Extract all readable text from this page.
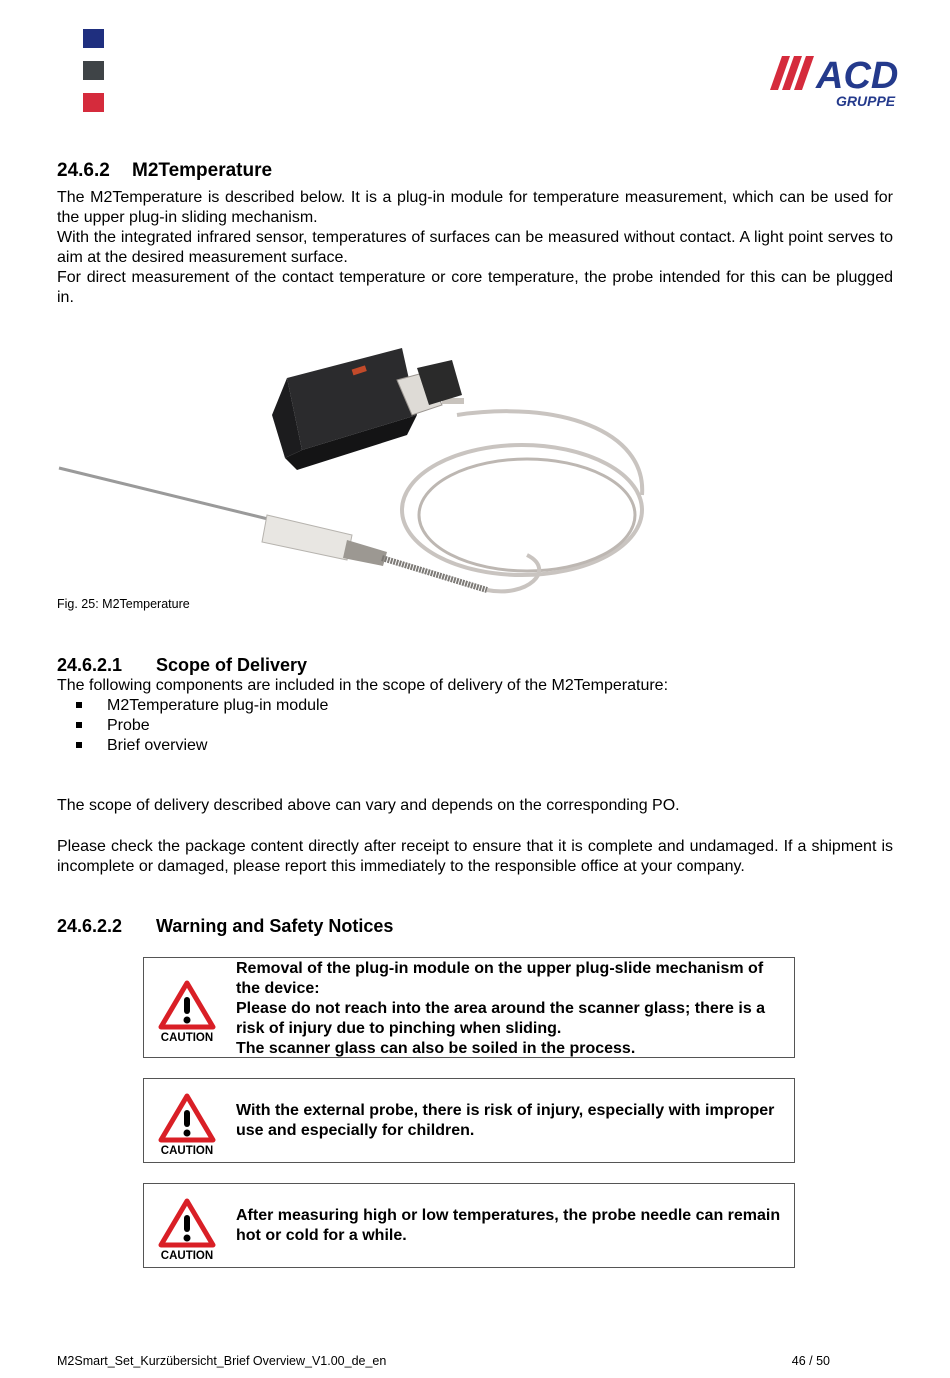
ACD
GRUPPE
24.6.2 M2Temperature

The M2Temperature is described below. It is a plug-in module for temperature measurement, which can be used for the upper plug-in sliding mechanism.

With the integrated infrared sensor, temperatures of surfaces can be measured without contact. A light point serves to aim at the desired measurement surface.

For direct measurement of the contact temperature or core temperature, the probe intended for this can be plugged in.

Fig. 25: M2Temperature
24.6.2.1 Scope of Delivery

The following components are included in the scope of delivery of the M2Temperature:

M2Temperature plug-in module
Probe
Brief overview

The scope of delivery described above can vary and depends on the corresponding PO.

Please check the package content directly after receipt to ensure that it is complete and undamaged. If a shipment is incomplete or damaged, please report this immediately to the responsible office at your company.

24.6.2.2 Warning and Safety Notices
CAUTION
Removal of the plug-in module on the upper plug-slide mechanism of the device:
Please do not reach into the area around the scanner glass; there is a risk of injury due to pinching when sliding.
The scanner glass can also be soiled in the process.
CAUTION
With the external probe, there is risk of injury, especially with improper use and especially for children.
CAUTION
After measuring high or low temperatures, the probe needle can remain hot or cold for a while.
M2Smart_Set_Kurzübersicht_Brief Overview_V1.00_de_en	46 / 50
